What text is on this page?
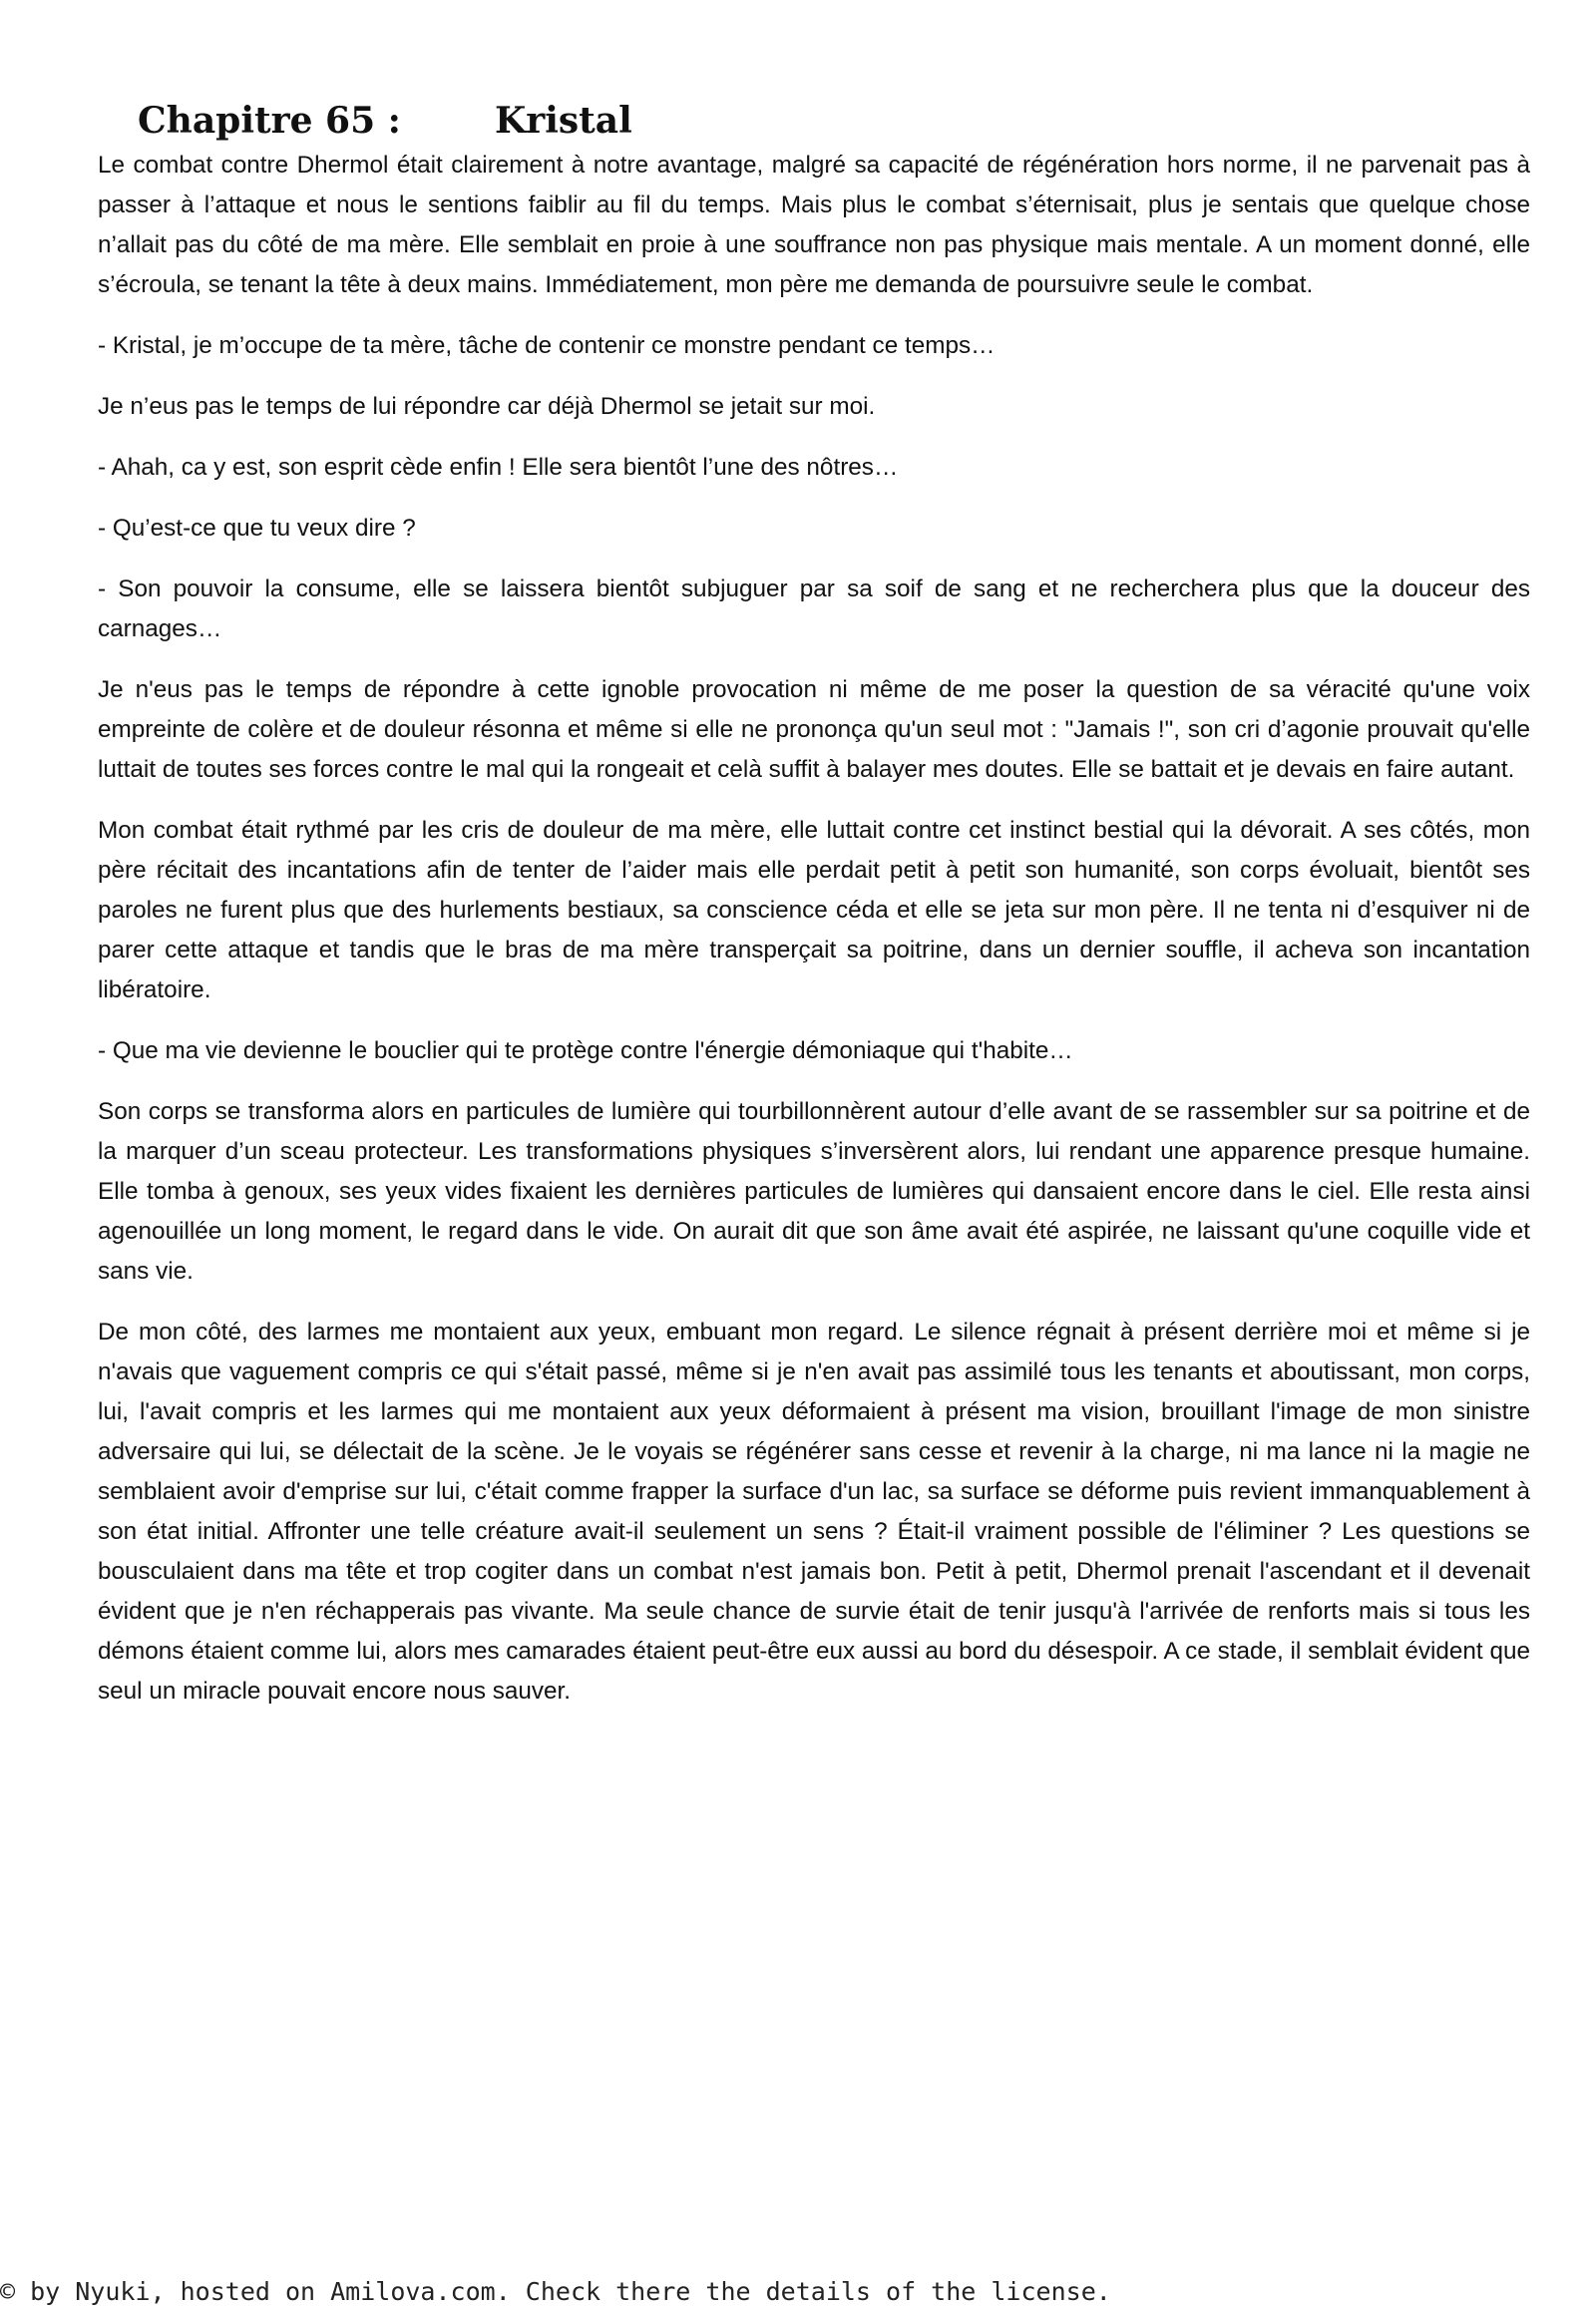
Chapitre 65 :	Kristal

Le combat contre Dhermol était clairement à notre avantage, malgré sa capacité de régénération hors norme, il ne parvenait pas à passer à l’attaque et nous le sentions faiblir au fil du temps. Mais plus le combat s’éternisait, plus je sentais que quelque chose n’allait pas du côté de ma mère. Elle semblait en proie à une souffrance non pas physique mais mentale. A un moment donné, elle s’écroula, se tenant la tête à deux mains. Immédiatement, mon père me demanda de poursuivre seule le combat.

- Kristal, je m’occupe de ta mère, tâche de contenir ce monstre pendant ce temps…

Je n’eus pas le temps de lui répondre car déjà Dhermol se jetait sur moi.

- Ahah, ca y est, son esprit cède enfin ! Elle sera bientôt l’une des nôtres…

- Qu’est-ce que tu veux dire ?

- Son pouvoir la consume, elle se laissera bientôt subjuguer par sa soif de sang et ne recherchera plus que la douceur des carnages…

Je n'eus pas le temps de répondre à cette ignoble provocation ni même de me poser la question de sa véracité qu'une voix empreinte de colère et de douleur résonna et même si elle ne prononça qu'un seul mot : "Jamais !", son cri d’agonie prouvait qu'elle luttait de toutes ses forces contre le mal qui la rongeait et celà suffit à balayer mes doutes. Elle se battait et je devais en faire autant.

Mon combat était rythmé par les cris de douleur de ma mère, elle luttait contre cet instinct bestial qui la dévorait. A ses côtés, mon père récitait des incantations afin de tenter de l’aider mais elle perdait petit à petit son humanité, son corps évoluait, bientôt ses paroles ne furent plus que des hurlements bestiaux, sa conscience céda et elle se jeta sur mon père. Il ne tenta ni d’esquiver ni de parer cette attaque et tandis que le bras de ma mère transperçait sa poitrine, dans un dernier souffle, il acheva son incantation libératoire.

- Que ma vie devienne le bouclier qui te protège contre l'énergie démoniaque qui t'habite…

Son corps se transforma alors en particules de lumière qui tourbillonnèrent autour d’elle avant de se rassembler sur sa poitrine et de la marquer d’un sceau protecteur. Les transformations physiques s’inversèrent alors, lui rendant une apparence presque humaine. Elle tomba à genoux, ses yeux vides fixaient les dernières particules de lumières qui dansaient encore dans le ciel. Elle resta ainsi agenouillée un long moment, le regard dans le vide. On aurait dit que son âme avait été aspirée, ne laissant qu'une coquille vide et sans vie.

De mon côté, des larmes me montaient aux yeux, embuant mon regard. Le silence régnait à présent derrière moi et même si je n'avais que vaguement compris ce qui s'était passé, même si je n'en avait pas assimilé tous les tenants et aboutissant, mon corps, lui, l'avait compris et les larmes qui me montaient aux yeux déformaient à présent ma vision, brouillant l'image de mon sinistre adversaire qui lui, se délectait de la scène. Je le voyais se régénérer sans cesse et revenir à la charge, ni ma lance ni la magie ne semblaient avoir d'emprise sur lui, c'était comme frapper la surface d'un lac, sa surface se déforme puis revient immanquablement à son état initial. Affronter une telle créature avait-il seulement un sens ? Était-il vraiment possible de l'éliminer ? Les questions se bousculaient dans ma tête et trop cogiter dans un combat n'est jamais bon. Petit à petit, Dhermol prenait l'ascendant et il devenait évident que je n'en réchapperais pas vivante. Ma seule chance de survie était de tenir jusqu'à l'arrivée de renforts mais si tous les démons étaient comme lui, alors mes camarades étaient peut-être eux aussi au bord du désespoir. A ce stade, il semblait évident que seul un miracle pouvait encore nous sauver.

© by Nyuki, hosted on Amilova.com. Check there the details of the license.
